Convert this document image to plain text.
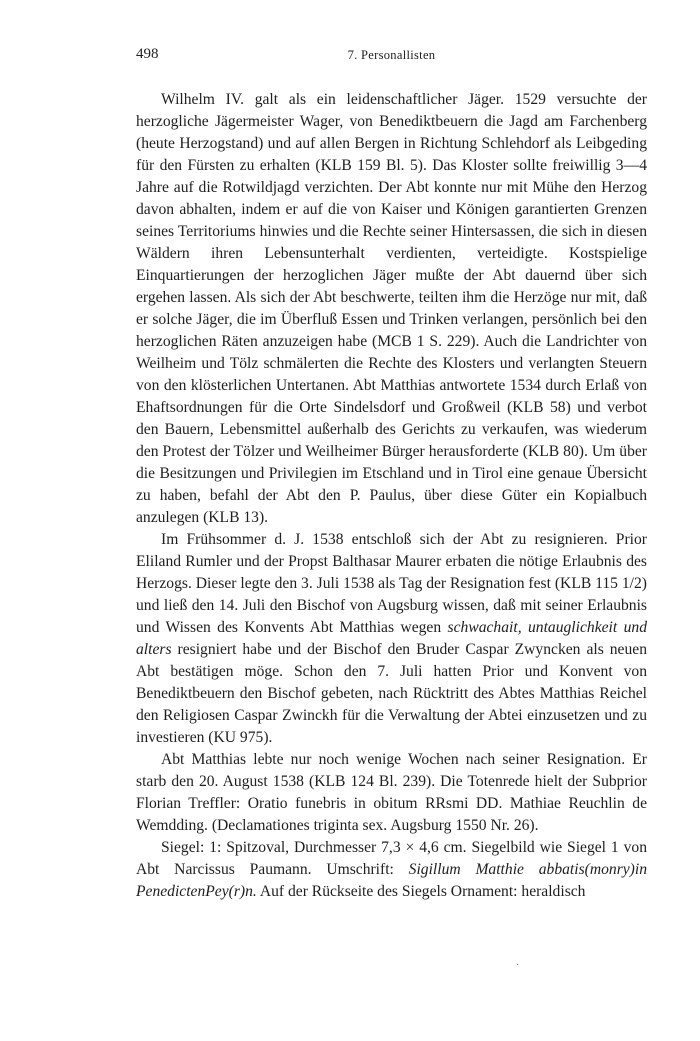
498	7. Personallisten

Wilhelm IV. galt als ein leidenschaftlicher Jäger. 1529 versuchte der herzogliche Jägermeister Wager, von Benediktbeuern die Jagd am Farchenberg (heute Herzogstand) und auf allen Bergen in Richtung Schlehdorf als Leibgeding für den Fürsten zu erhalten (KLB 159 Bl. 5). Das Kloster sollte freiwillig 3—4 Jahre auf die Rotwildjagd verzichten. Der Abt konnte nur mit Mühe den Herzog davon abhalten, indem er auf die von Kaiser und Königen garantierten Grenzen seines Territoriums hinwies und die Rechte seiner Hintersassen, die sich in diesen Wäldern ihren Lebensunterhalt verdienten, verteidigte. Kostspielige Einquartierungen der herzoglichen Jäger mußte der Abt dauernd über sich ergehen lassen. Als sich der Abt beschwerte, teilten ihm die Herzöge nur mit, daß er solche Jäger, die im Überfluß Essen und Trinken verlangen, persönlich bei den herzoglichen Räten anzuzeigen habe (MCB 1 S. 229). Auch die Landrichter von Weilheim und Tölz schmälerten die Rechte des Klosters und verlangten Steuern von den klösterlichen Untertanen. Abt Matthias antwortete 1534 durch Erlaß von Ehaftsordnungen für die Orte Sindelsdorf und Großweil (KLB 58) und verbot den Bauern, Lebensmittel außerhalb des Gerichts zu verkaufen, was wiederum den Protest der Tölzer und Weilheimer Bürger herausforderte (KLB 80). Um über die Besitzungen und Privilegien im Etschland und in Tirol eine genaue Übersicht zu haben, befahl der Abt den P. Paulus, über diese Güter ein Kopialbuch anzulegen (KLB 13).

Im Frühsommer d. J. 1538 entschloß sich der Abt zu resignieren. Prior Eliland Rumler und der Propst Balthasar Maurer erbaten die nötige Erlaubnis des Herzogs. Dieser legte den 3. Juli 1538 als Tag der Resignation fest (KLB 115 1/2) und ließ den 14. Juli den Bischof von Augsburg wissen, daß mit seiner Erlaubnis und Wissen des Konvents Abt Matthias wegen schwachait, untauglichkeit und alters resigniert habe und der Bischof den Bruder Caspar Zwyncken als neuen Abt bestätigen möge. Schon den 7. Juli hatten Prior und Konvent von Benediktbeuern den Bischof gebeten, nach Rücktritt des Abtes Matthias Reichel den Religiosen Caspar Zwinckh für die Verwaltung der Abtei einzusetzen und zu investieren (KU 975).

Abt Matthias lebte nur noch wenige Wochen nach seiner Resignation. Er starb den 20. August 1538 (KLB 124 Bl. 239). Die Totenrede hielt der Subprior Florian Treffler: Oratio funebris in obitum RRsmi DD. Mathiae Reuchlin de Wemdding. (Declamationes triginta sex. Augsburg 1550 Nr. 26).

Siegel: 1: Spitzoval, Durchmesser 7,3 × 4,6 cm. Siegelbild wie Siegel 1 von Abt Narcissus Paumann. Umschrift: Sigillum Matthie abbatis(monry)in PenedictenPey(r)n. Auf der Rückseite des Siegels Ornament: heraldisch

·
